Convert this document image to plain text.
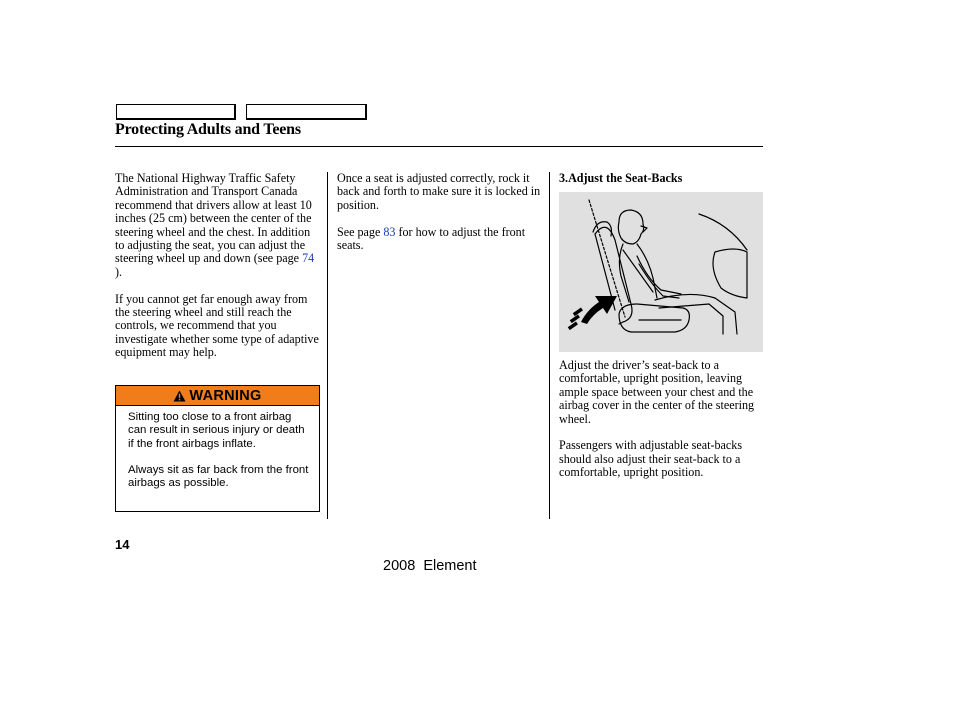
Protecting Adults and Teens

The National Highway Traffic Safety Administration and Transport Canada recommend that drivers allow at least 10 inches (25 cm) between the center of the steering wheel and the chest. In addition to adjusting the seat, you can adjust the steering wheel up and down (see page 74 ).

If you cannot get far enough away from the steering wheel and still reach the controls, we recommend that you investigate whether some type of adaptive equipment may help.

WARNING

Sitting too close to a front airbag can result in serious injury or death if the front airbags inflate.

Always sit as far back from the front airbags as possible.

Once a seat is adjusted correctly, rock it back and forth to make sure it is locked in position.

See page 83 for how to adjust the front seats.

3.Adjust the Seat-Backs

Adjust the driver’s seat-back to a comfortable, upright position, leaving ample space between your chest and the airbag cover in the center of the steering wheel.

Passengers with adjustable seat-backs should also adjust their seat-back to a comfortable, upright position.

14
2008  Element
